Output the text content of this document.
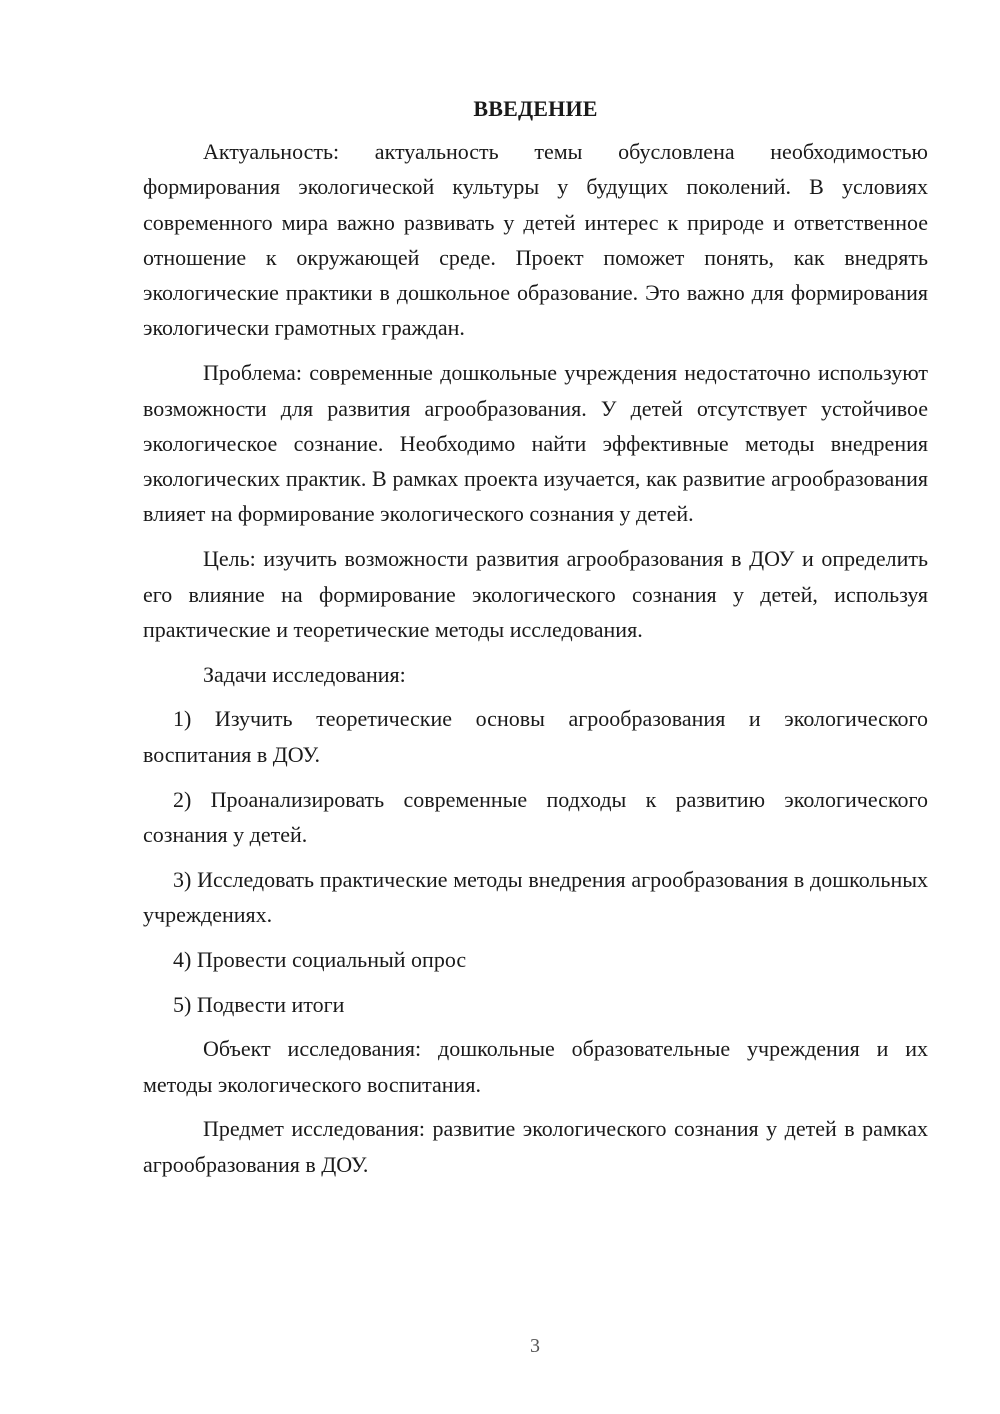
ВВЕДЕНИЕ

Актуальность: актуальность темы обусловлена необходимостью формирования экологической культуры у будущих поколений. В условиях современного мира важно развивать у детей интерес к природе и ответственное отношение к окружающей среде. Проект поможет понять, как внедрять экологические практики в дошкольное образование. Это важно для формирования экологически грамотных граждан.

Проблема: современные дошкольные учреждения недостаточно используют возможности для развития агрообразования. У детей отсутствует устойчивое экологическое сознание. Необходимо найти эффективные методы внедрения экологических практик. В рамках проекта изучается, как развитие агрообразования влияет на формирование экологического сознания у детей.

Цель: изучить возможности развития агрообразования в ДОУ и определить его влияние на формирование экологического сознания у детей, используя практические и теоретические методы исследования.

Задачи исследования:

1) Изучить теоретические основы агрообразования и экологического воспитания в ДОУ.

2) Проанализировать современные подходы к развитию экологического сознания у детей.

3) Исследовать практические методы внедрения агрообразования в дошкольных учреждениях.

4) Провести социальный опрос

5) Подвести итоги

Объект исследования: дошкольные образовательные учреждения и их методы экологического воспитания.

Предмет исследования: развитие экологического сознания у детей в рамках агрообразования в ДОУ.

3
